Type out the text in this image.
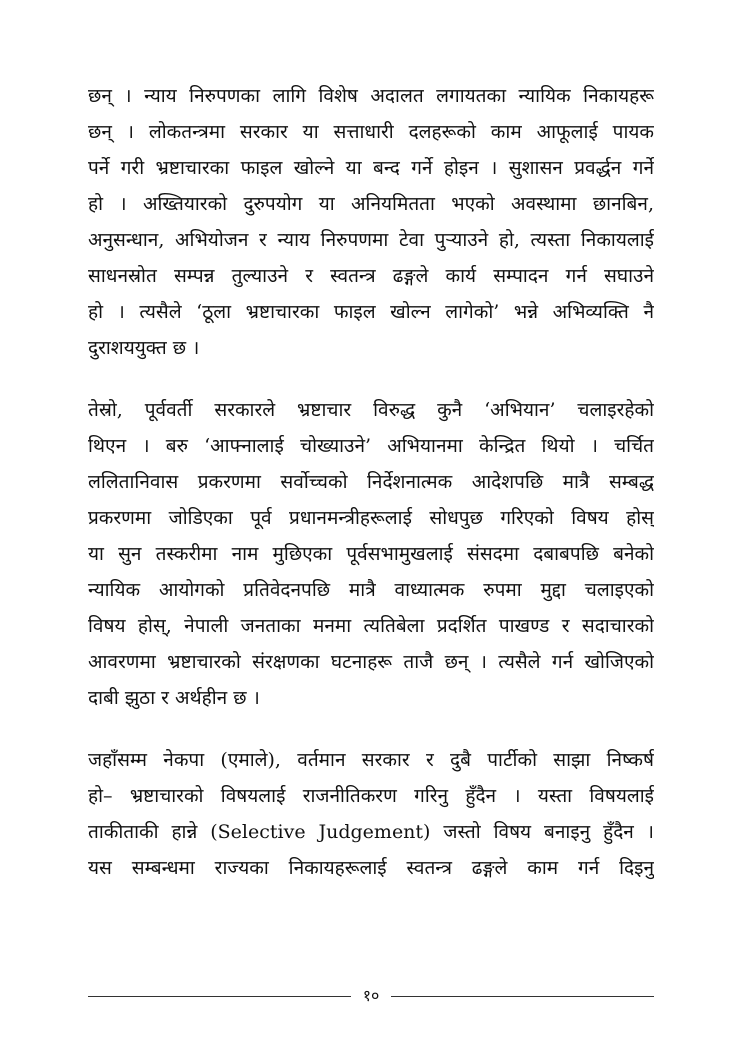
छन् । न्याय निरुपणका लागि विशेष अदालत लगायतका न्यायिक निकायहरू
छन् । लोकतन्त्रमा सरकार या सत्ताधारी दलहरूको काम आफूलाई पायक
पर्ने गरी भ्रष्टाचारका फाइल खोल्ने या बन्द गर्ने होइन । सुशासन प्रवर्द्धन गर्ने
हो । अख्तियारको दुरुपयोग या अनियमितता भएको अवस्थामा छानबिन,
अनुसन्धान, अभियोजन र न्याय निरुपणमा टेवा पुऱ्याउने हो, त्यस्ता निकायलाई
साधनस्रोत सम्पन्न तुल्याउने र स्वतन्त्र ढङ्गले कार्य सम्पादन गर्न सघाउने
हो । त्यसैले ‘ठूला भ्रष्टाचारका फाइल खोल्न लागेको’ भन्ने अभिव्यक्ति नै
दुराशययुक्त छ ।
तेस्रो, पूर्ववर्ती सरकारले भ्रष्टाचार विरुद्ध कुनै ‘अभियान’ चलाइरहेको
थिएन । बरु ‘आफ्नालाई चोख्याउने’ अभियानमा केन्द्रित थियो । चर्चित
ललितानिवास प्रकरणमा सर्वोच्चको निर्देशनात्मक आदेशपछि मात्रै सम्बद्ध
प्रकरणमा जोडिएका पूर्व प्रधानमन्त्रीहरूलाई सोधपुछ गरिएको विषय होस्
या सुन तस्करीमा नाम मुछिएका पूर्वसभामुखलाई संसदमा दबाबपछि बनेको
न्यायिक आयोगको प्रतिवेदनपछि मात्रै वाध्यात्मक रुपमा मुद्दा चलाइएको
विषय होस्, नेपाली जनताका मनमा त्यतिबेला प्रदर्शित पाखण्ड र सदाचारको
आवरणमा भ्रष्टाचारको संरक्षणका घटनाहरू ताजै छन् । त्यसैले गर्न खोजिएको
दाबी झुठा र अर्थहीन छ ।
जहाँसम्म नेकपा (एमाले), वर्तमान सरकार र दुबै पार्टीको साझा निष्कर्ष
हो– भ्रष्टाचारको विषयलाई राजनीतिकरण गरिनु हुँदैन । यस्ता विषयलाई
ताकीताकी हान्ने (Selective Judgement) जस्तो विषय बनाइनु हुँदैन ।
यस सम्बन्धमा राज्यका निकायहरूलाई स्वतन्त्र ढङ्गले काम गर्न दिइनु
१०
